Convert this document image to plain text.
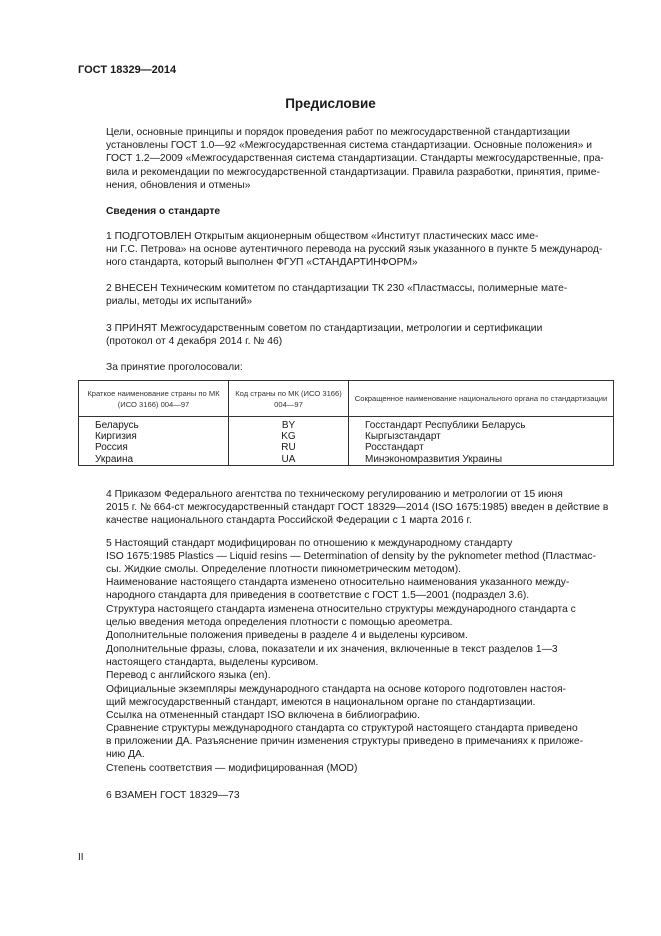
ГОСТ 18329—2014
Предисловие
Цели, основные принципы и порядок проведения работ по межгосударственной стандартизации
установлены ГОСТ 1.0—92 «Межгосударственная система стандартизации. Основные положения» и
ГОСТ 1.2—2009 «Межгосударственная система стандартизации. Стандарты межгосударственные, пра-
вила и рекомендации по межгосударственной стандартизации. Правила разработки, принятия, приме-
нения, обновления и отмены»
Сведения о стандарте
1 ПОДГОТОВЛЕН Открытым акционерным обществом «Институт пластических масс име-
ни Г.С. Петрова» на основе аутентичного перевода на русский язык указанного в пункте 5 международ-
ного стандарта, который выполнен ФГУП «СТАНДАРТИНФОРМ»
2 ВНЕСЕН Техническим комитетом по стандартизации ТК 230 «Пластмассы, полимерные мате-
риалы, методы их испытаний»
3 ПРИНЯТ Межгосударственным советом по стандартизации, метрологии и сертификации
(протокол от 4 декабря 2014 г. № 46)
За принятие проголосовали:
Краткое наименование страны по МК (ИСО 3166) 004—97	Код страны по МК (ИСО 3166) 004—97	Сокращенное наименование национального органа по стандартизации
Беларусь	BY	Госстандарт Республики Беларусь
Киргизия	KG	Кыргызстандарт
Россия	RU	Росстандарт
Украина	UA	Минэкономразвития Украины
4 Приказом Федерального агентства по техническому регулированию и метрологии от 15 июня
2015 г. № 664-ст межгосударственный стандарт ГОСТ 18329—2014 (ISO 1675:1985) введен в действие в
качестве национального стандарта Российской Федерации с 1 марта 2016 г.
5 Настоящий стандарт модифицирован по отношению к международному стандарту
ISO 1675:1985 Plastics — Liquid resins — Determination of density by the pyknometer method (Пластмас-
сы. Жидкие смолы. Определение плотности пикнометрическим методом).
Наименование настоящего стандарта изменено относительно наименования указанного между-
народного стандарта для приведения в соответствие с ГОСТ 1.5—2001 (подраздел 3.6).
Структура настоящего стандарта изменена относительно структуры международного стандарта с
целью введения метода определения плотности с помощью ареометра.
Дополнительные положения приведены в разделе 4 и выделены курсивом.
Дополнительные фразы, слова, показатели и их значения, включенные в текст разделов 1—3
настоящего стандарта, выделены курсивом.
Перевод с английского языка (en).
Официальные экземпляры международного стандарта на основе которого подготовлен настоя-
щий межгосударственный стандарт, имеются в национальном органе по стандартизации.
Ссылка на отмененный стандарт ISO включена в библиографию.
Сравнение структуры международного стандарта со структурой настоящего стандарта приведено
в приложении ДА. Разъяснение причин изменения структуры приведено в примечаниях к приложе-
нию ДА.
Степень соответствия — модифицированная (MOD)
6 ВЗАМЕН ГОСТ 18329—73
II
